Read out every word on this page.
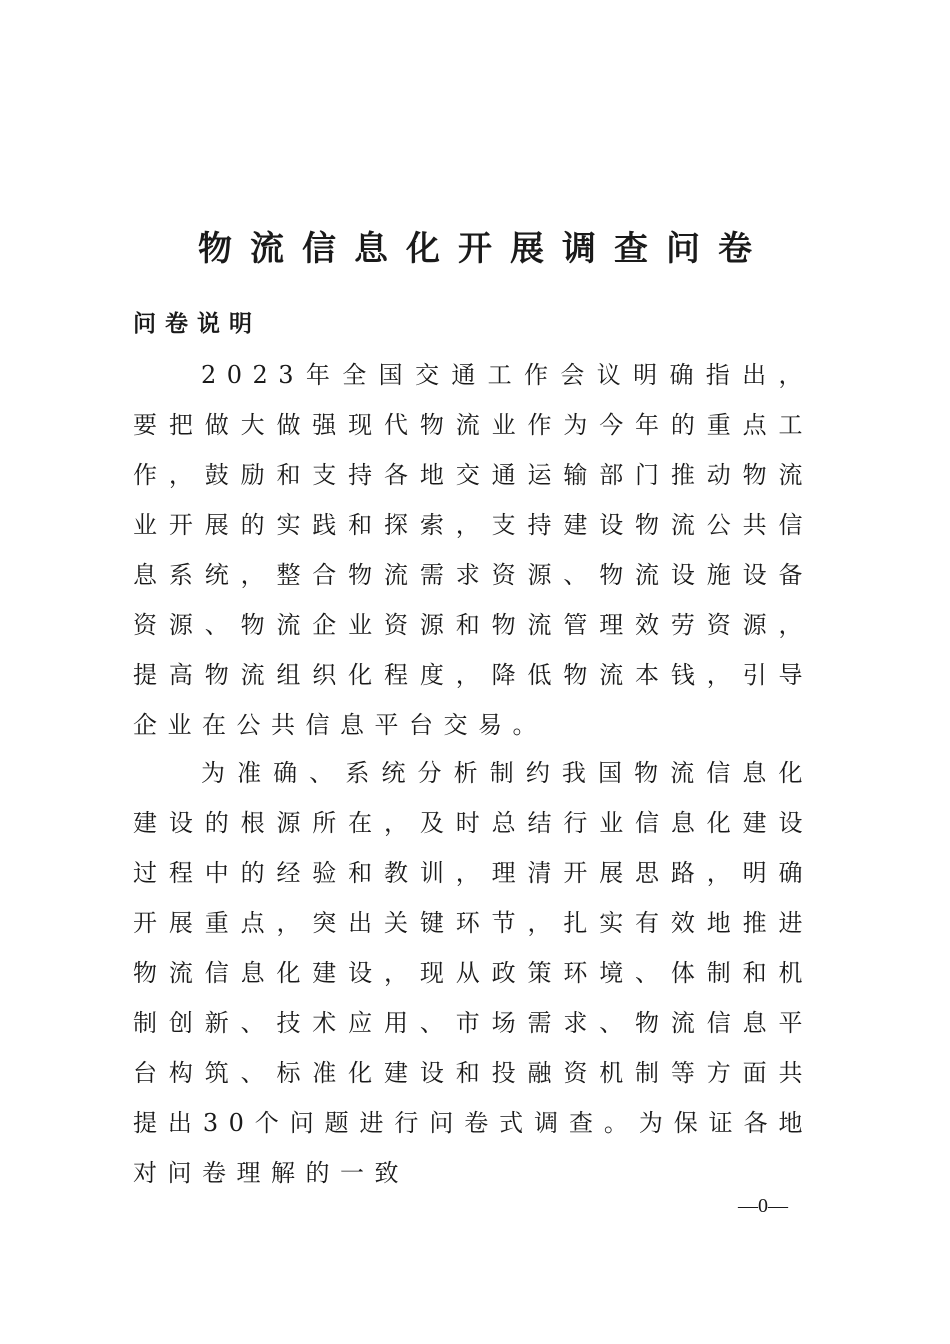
物流信息化开展调查问卷
问卷说明

2023年全国交通工作会议明确指出，要把做大做强现代物流业作为今年的重点工作，鼓励和支持各地交通运输部门推动物流业开展的实践和探索，支持建设物流公共信息系统，整合物流需求资源、物流设施设备资源、物流企业资源和物流管理效劳资源，提高物流组织化程度，降低物流本钱，引导企业在公共信息平台交易。

为准确、系统分析制约我国物流信息化建设的根源所在，及时总结行业信息化建设过程中的经验和教训，理清开展思路，明确开展重点，突出关键环节，扎实有效地推进物流信息化建设，现从政策环境、体制和机制创新、技术应用、市场需求、物流信息平台构筑、标准化建设和投融资机制等方面共提出30个问题进行问卷式调查。为保证各地对问卷理解的一致

—0—
